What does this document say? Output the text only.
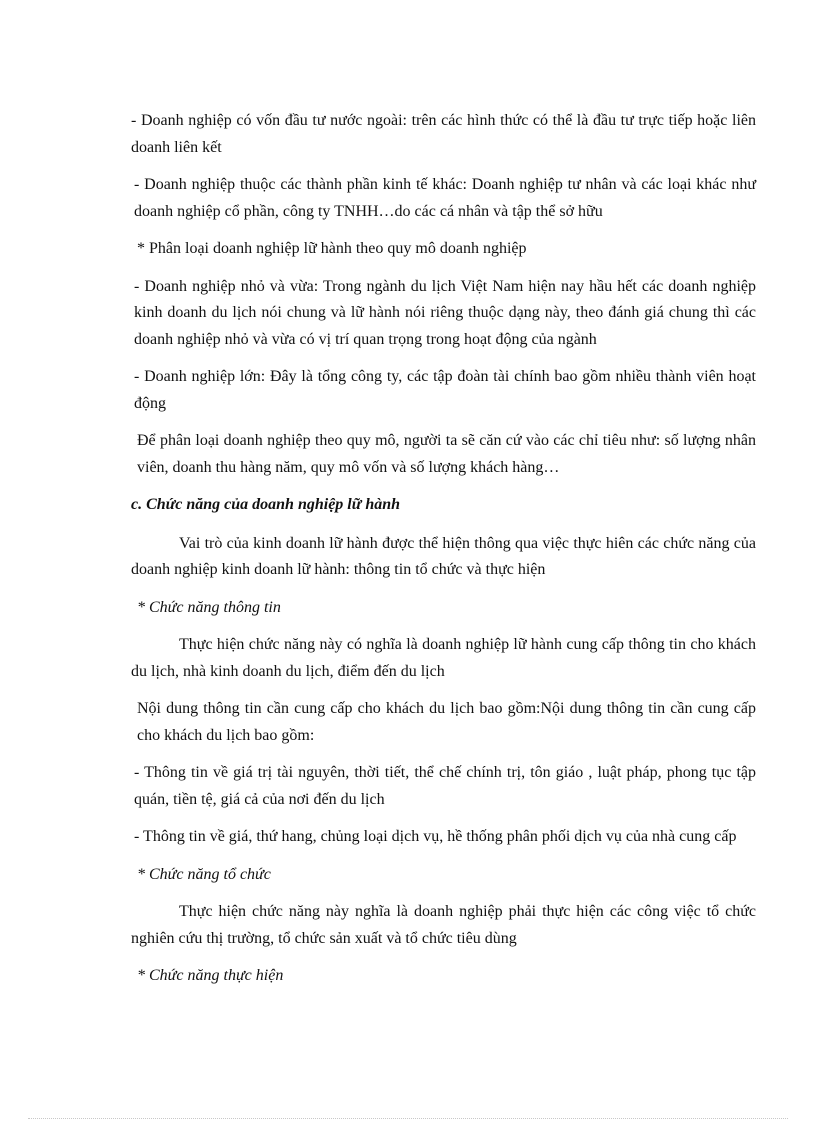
- Doanh nghiệp có vốn đầu tư nước ngoài: trên các hình thức có thể là đầu tư trực tiếp hoặc liên doanh liên kết

- Doanh nghiệp thuộc các thành phần kinh tế khác: Doanh nghiệp tư nhân và các loại khác như doanh nghiệp cổ phần, công ty TNHH…do các cá nhân và tập thể sở hữu

* Phân loại doanh nghiệp lữ hành theo quy mô doanh nghiệp

- Doanh nghiệp nhỏ và vừa: Trong ngành du lịch Việt Nam hiện nay hầu hết các doanh nghiệp kinh doanh du lịch nói chung và lữ hành nói riêng thuộc dạng này, theo đánh giá chung thì các doanh nghiệp nhỏ và vừa có vị trí quan trọng trong hoạt động của ngành

- Doanh nghiệp lớn: Đây là tổng công ty, các tập đoàn tài chính bao gồm nhiều thành viên hoạt động

Để phân loại doanh nghiệp theo quy mô, người ta sẽ căn cứ vào các chỉ tiêu như: số lượng nhân viên, doanh thu hàng năm, quy mô vốn và số lượng khách hàng…

c. Chức năng của doanh nghiệp lữ hành

Vai trò của kinh doanh lữ hành được thể hiện thông qua việc thực hiên các chức năng của doanh nghiệp kinh doanh lữ hành: thông tin tổ chức và thực hiện

* Chức năng thông tin

Thực hiện chức năng này có nghĩa là doanh nghiệp lữ hành cung cấp thông tin cho khách du lịch, nhà kinh doanh du lịch, điểm đến du lịch

Nội dung thông tin cần cung cấp cho khách du lịch bao gồm:Nội dung thông tin cần cung cấp cho khách du lịch bao gồm:

- Thông tin về giá trị tài nguyên, thời tiết, thể chế chính trị, tôn giáo , luật pháp, phong tục tập quán, tiền tệ, giá cả của nơi đến du lịch

- Thông tin về giá, thứ hang, chủng loại dịch vụ, hề thống phân phối dịch vụ của nhà cung cấp

* Chức năng tổ chức

Thực hiện chức năng này nghĩa là doanh nghiệp phải thực hiện các công việc tổ chức nghiên cứu thị trường, tổ chức sản xuất và tổ chức tiêu dùng

* Chức năng thực hiện
